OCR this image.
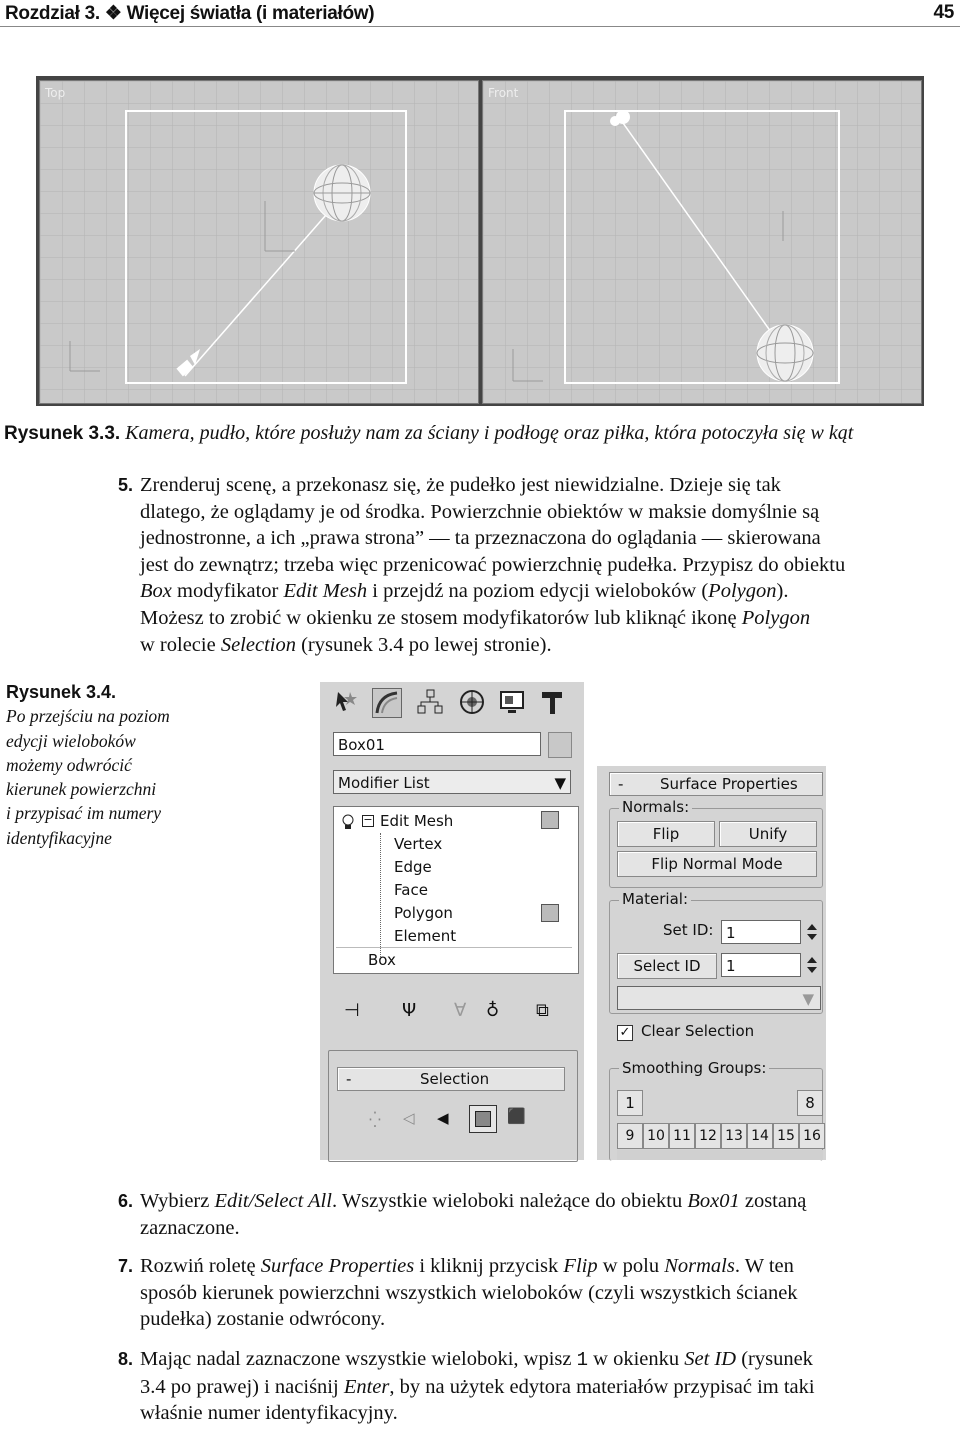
Rozdział 3. ❖ Więcej światła (i materiałów)	45
Top	Front
Rysunek 3.3. Kamera, pudło, które posłuży nam za ściany i podłogę oraz piłka, która potoczyła się w kąt
5. Zrenderuj scenę, a przekonasz się, że pudełko jest niewidzialne. Dzieje się tak
dlatego, że oglądamy je od środka. Powierzchnie obiektów w maksie domyślnie są
jednostronne, a ich „prawa strona” — ta przeznaczona do oglądania — skierowana
jest do zewnątrz; trzeba więc przenicować powierzchnię pudełka. Przypisz do obiektu
Box modyfikator Edit Mesh i przejdź na poziom edycji wieloboków (Polygon).
Możesz to zrobić w okienku ze stosem modyfikatorów lub kliknąć ikonę Polygon
w rolecie Selection (rysunek 3.4 po lewej stronie).
Rysunek 3.4.
Po przejściu na poziom
edycji wieloboków
możemy odwrócić
kierunek powierzchni
i przypisać im numery
identyfikacyjne
Box01
Modifier List	▼
− Edit Mesh
Vertex
Edge
Face
Polygon
Element
Box
⊣ Ψ ∀ ♁ ⧉
-	Selection
⁛ ◁ ◀	⬛
- Surface Properties
Normals:
Flip	Unify
Flip Normal Mode
Material:
Set ID: 1
Select ID	1
▼
✓ Clear Selection
Smoothing Groups:
1	8
9 10 11 12 13 14 15 16
6. Wybierz Edit/Select All. Wszystkie wieloboki należące do obiektu Box01 zostaną
zaznaczone.
7. Rozwiń roletę Surface Properties i kliknij przycisk Flip w polu Normals. W ten
sposób kierunek powierzchni wszystkich wieloboków (czyli wszystkich ścianek
pudełka) zostanie odwrócony.
8. Mając nadal zaznaczone wszystkie wieloboki, wpisz 1 w okienku Set ID (rysunek
3.4 po prawej) i naciśnij Enter, by na użytek edytora materiałów przypisać im taki
właśnie numer identyfikacyjny.
